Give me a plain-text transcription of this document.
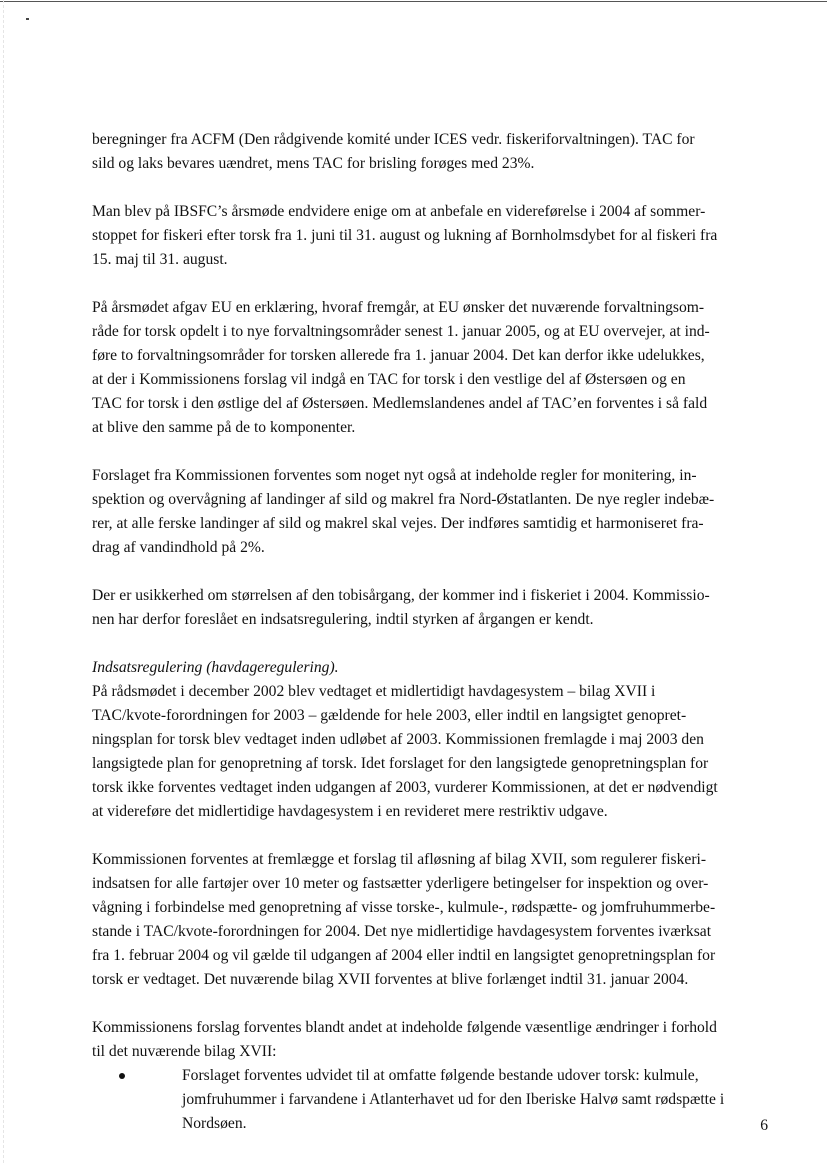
beregninger fra ACFM (Den rådgivende komité under ICES vedr. fiskeriforvaltningen). TAC for
sild og laks bevares uændret, mens TAC for brisling forøges med 23%.

Man blev på IBSFC’s årsmøde endvidere enige om at anbefale en videreførelse i 2004 af sommer-
stoppet for fiskeri efter torsk fra 1. juni til 31. august og lukning af Bornholmsdybet for al fiskeri fra
15. maj til 31. august.

På årsmødet afgav EU en erklæring, hvoraf fremgår, at EU ønsker det nuværende forvaltningsom-
råde for torsk opdelt i to nye forvaltningsområder senest 1. januar 2005, og at EU overvejer, at ind-
føre to forvaltningsområder for torsken allerede fra 1. januar 2004. Det kan derfor ikke udelukkes,
at der i Kommissionens forslag vil indgå en TAC for torsk i den vestlige del af Østersøen og en
TAC for torsk i den østlige del af Østersøen. Medlemslandenes andel af TAC’en forventes i så fald
at blive den samme på de to komponenter.

Forslaget fra Kommissionen forventes som noget nyt også at indeholde regler for monitering, in-
spektion og overvågning af landinger af sild og makrel fra Nord-Østatlanten. De nye regler indebæ-
rer, at alle ferske landinger af sild og makrel skal vejes. Der indføres samtidig et harmoniseret fra-
drag af vandindhold på 2%.

Der er usikkerhed om størrelsen af den tobisårgang, der kommer ind i fiskeriet i 2004. Kommissio-
nen har derfor foreslået en indsatsregulering, indtil styrken af årgangen er kendt.

Indsatsregulering (havdageregulering).
På rådsmødet i december 2002 blev vedtaget et midlertidigt havdagesystem – bilag XVII i
TAC/kvote-forordningen for 2003 – gældende for hele 2003, eller indtil en langsigtet genopret-
ningsplan for torsk blev vedtaget inden udløbet af 2003. Kommissionen fremlagde i maj 2003 den
langsigtede plan for genopretning af torsk. Idet forslaget for den langsigtede genopretningsplan for
torsk ikke forventes vedtaget inden udgangen af 2003, vurderer Kommissionen, at det er nødvendigt
at videreføre det midlertidige havdagesystem i en revideret mere restriktiv udgave.

Kommissionen forventes at fremlægge et forslag til afløsning af bilag XVII, som regulerer fiskeri-
indsatsen for alle fartøjer over 10 meter og fastsætter yderligere betingelser for inspektion og over-
vågning i forbindelse med genopretning af visse torske-, kulmule-, rødspætte- og jomfruhummerbe-
stande i TAC/kvote-forordningen for 2004. Det nye midlertidige havdagesystem forventes iværksat
fra 1. februar 2004 og vil gælde til udgangen af 2004 eller indtil en langsigtet genopretningsplan for
torsk er vedtaget. Det nuværende bilag XVII forventes at blive forlænget indtil 31. januar 2004.

Kommissionens forslag forventes blandt andet at indeholde følgende væsentlige ændringer i forhold
til det nuværende bilag XVII:

Forslaget forventes udvidet til at omfatte følgende bestande udover torsk: kulmule,
jomfruhummer i farvandene i Atlanterhavet ud for den Iberiske Halvø samt rødspætte i
Nordsøen.	6
